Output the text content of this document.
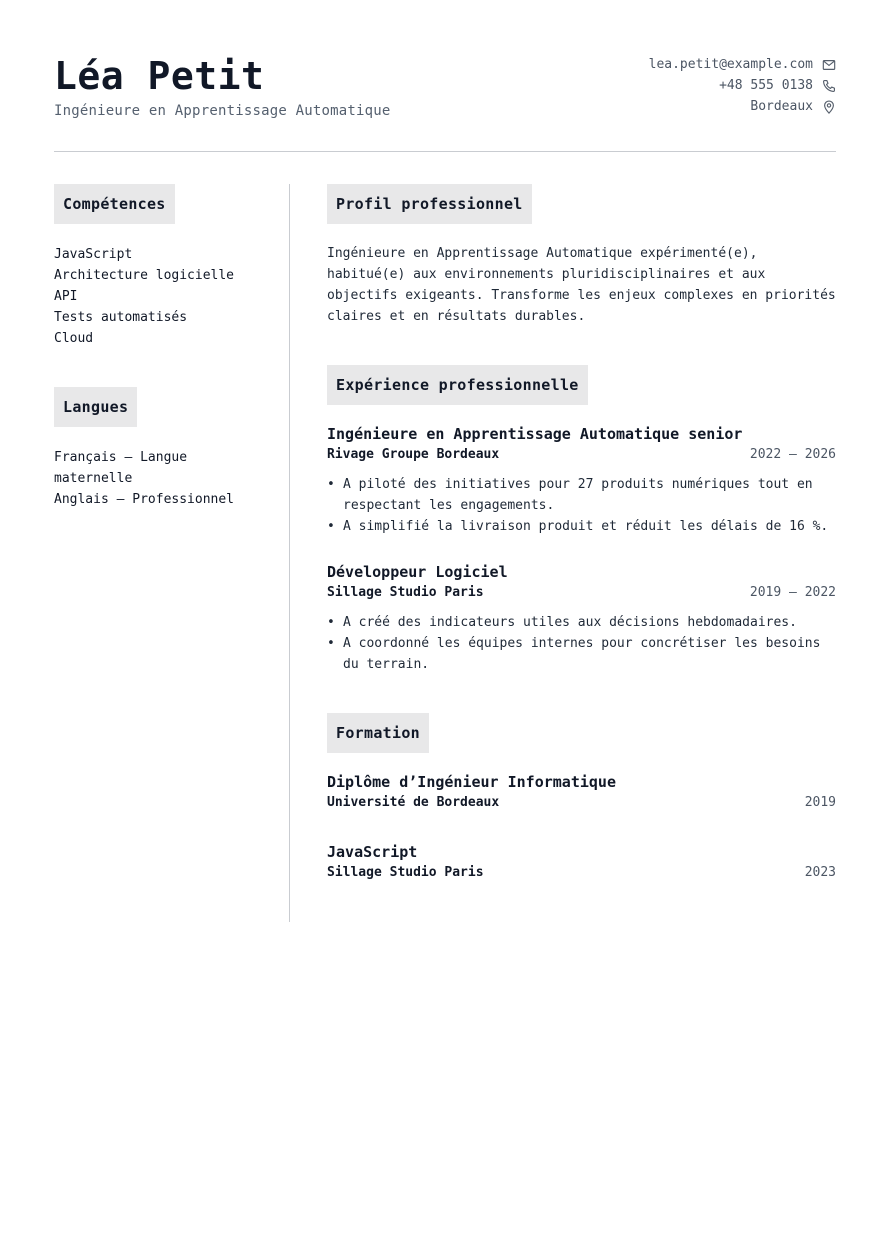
Léa Petit
Ingénieure en Apprentissage Automatique
lea.petit@example.com
+48 555 0138
Bordeaux
Compétences
JavaScript
Architecture logicielle
API
Tests automatisés
Cloud
Langues
Français — Langue maternelle
Anglais — Professionnel
Profil professionnel

Ingénieure en Apprentissage Automatique expérimenté(e), habitué(e) aux environnements pluridisciplinaires et aux objectifs exigeants. Transforme les enjeux complexes en priorités claires et en résultats durables.

Expérience professionnelle
Ingénieure en Apprentissage Automatique senior
Rivage Groupe Bordeaux	2022 — 2026
• A piloté des initiatives pour 27 produits numériques tout en respectant les engagements.
• A simplifié la livraison produit et réduit les délais de 16 %.
Développeur Logiciel
Sillage Studio Paris	2019 — 2022
• A créé des indicateurs utiles aux décisions hebdomadaires.
• A coordonné les équipes internes pour concrétiser les besoins du terrain.
Formation
Diplôme d’Ingénieur Informatique
Université de Bordeaux	2019
JavaScript
Sillage Studio Paris	2023
